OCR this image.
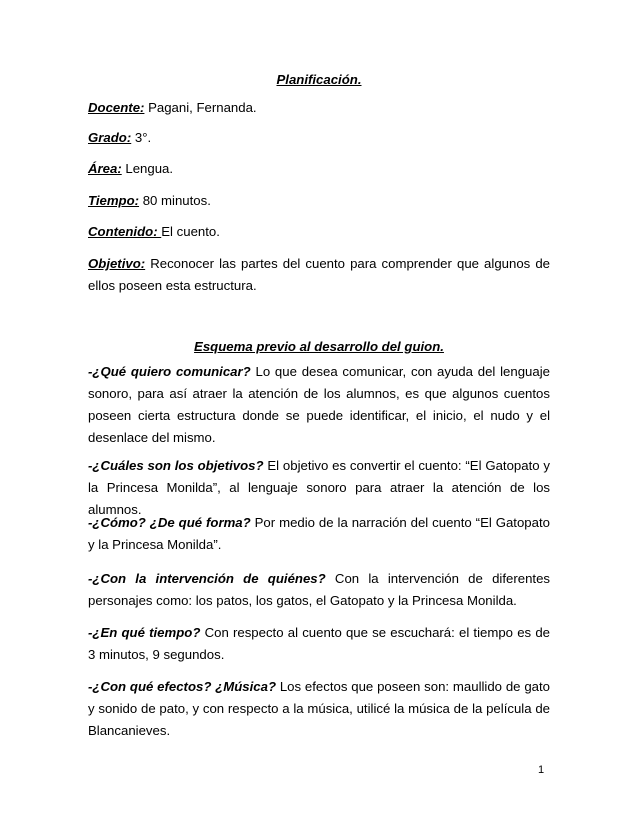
Planificación.
Docente: Pagani, Fernanda.
Grado: 3°.
Área: Lengua.
Tiempo: 80 minutos.
Contenido: El cuento.

Objetivo: Reconocer las partes del cuento para comprender que algunos de ellos poseen esta estructura.

Esquema previo al desarrollo del guion.

-¿Qué quiero comunicar? Lo que desea comunicar, con ayuda del lenguaje sonoro, para así atraer la atención de los alumnos, es que algunos cuentos poseen cierta estructura donde se puede identificar, el inicio, el nudo y el desenlace del mismo.

-¿Cuáles son los objetivos? El objetivo es convertir el cuento: “El Gatopato y la Princesa Monilda”, al lenguaje sonoro para atraer la atención de los alumnos.

-¿Cómo? ¿De qué forma? Por medio de la narración del cuento “El Gatopato y la Princesa Monilda”.

-¿Con la intervención de quiénes? Con la intervención de diferentes personajes como: los patos, los gatos, el Gatopato y la Princesa Monilda.

-¿En qué tiempo? Con respecto al cuento que se escuchará: el tiempo es de 3 minutos, 9 segundos.

-¿Con qué efectos? ¿Música? Los efectos que poseen son: maullido de gato y sonido de pato, y con respecto a la música, utilicé la música de la película de Blancanieves.

1
